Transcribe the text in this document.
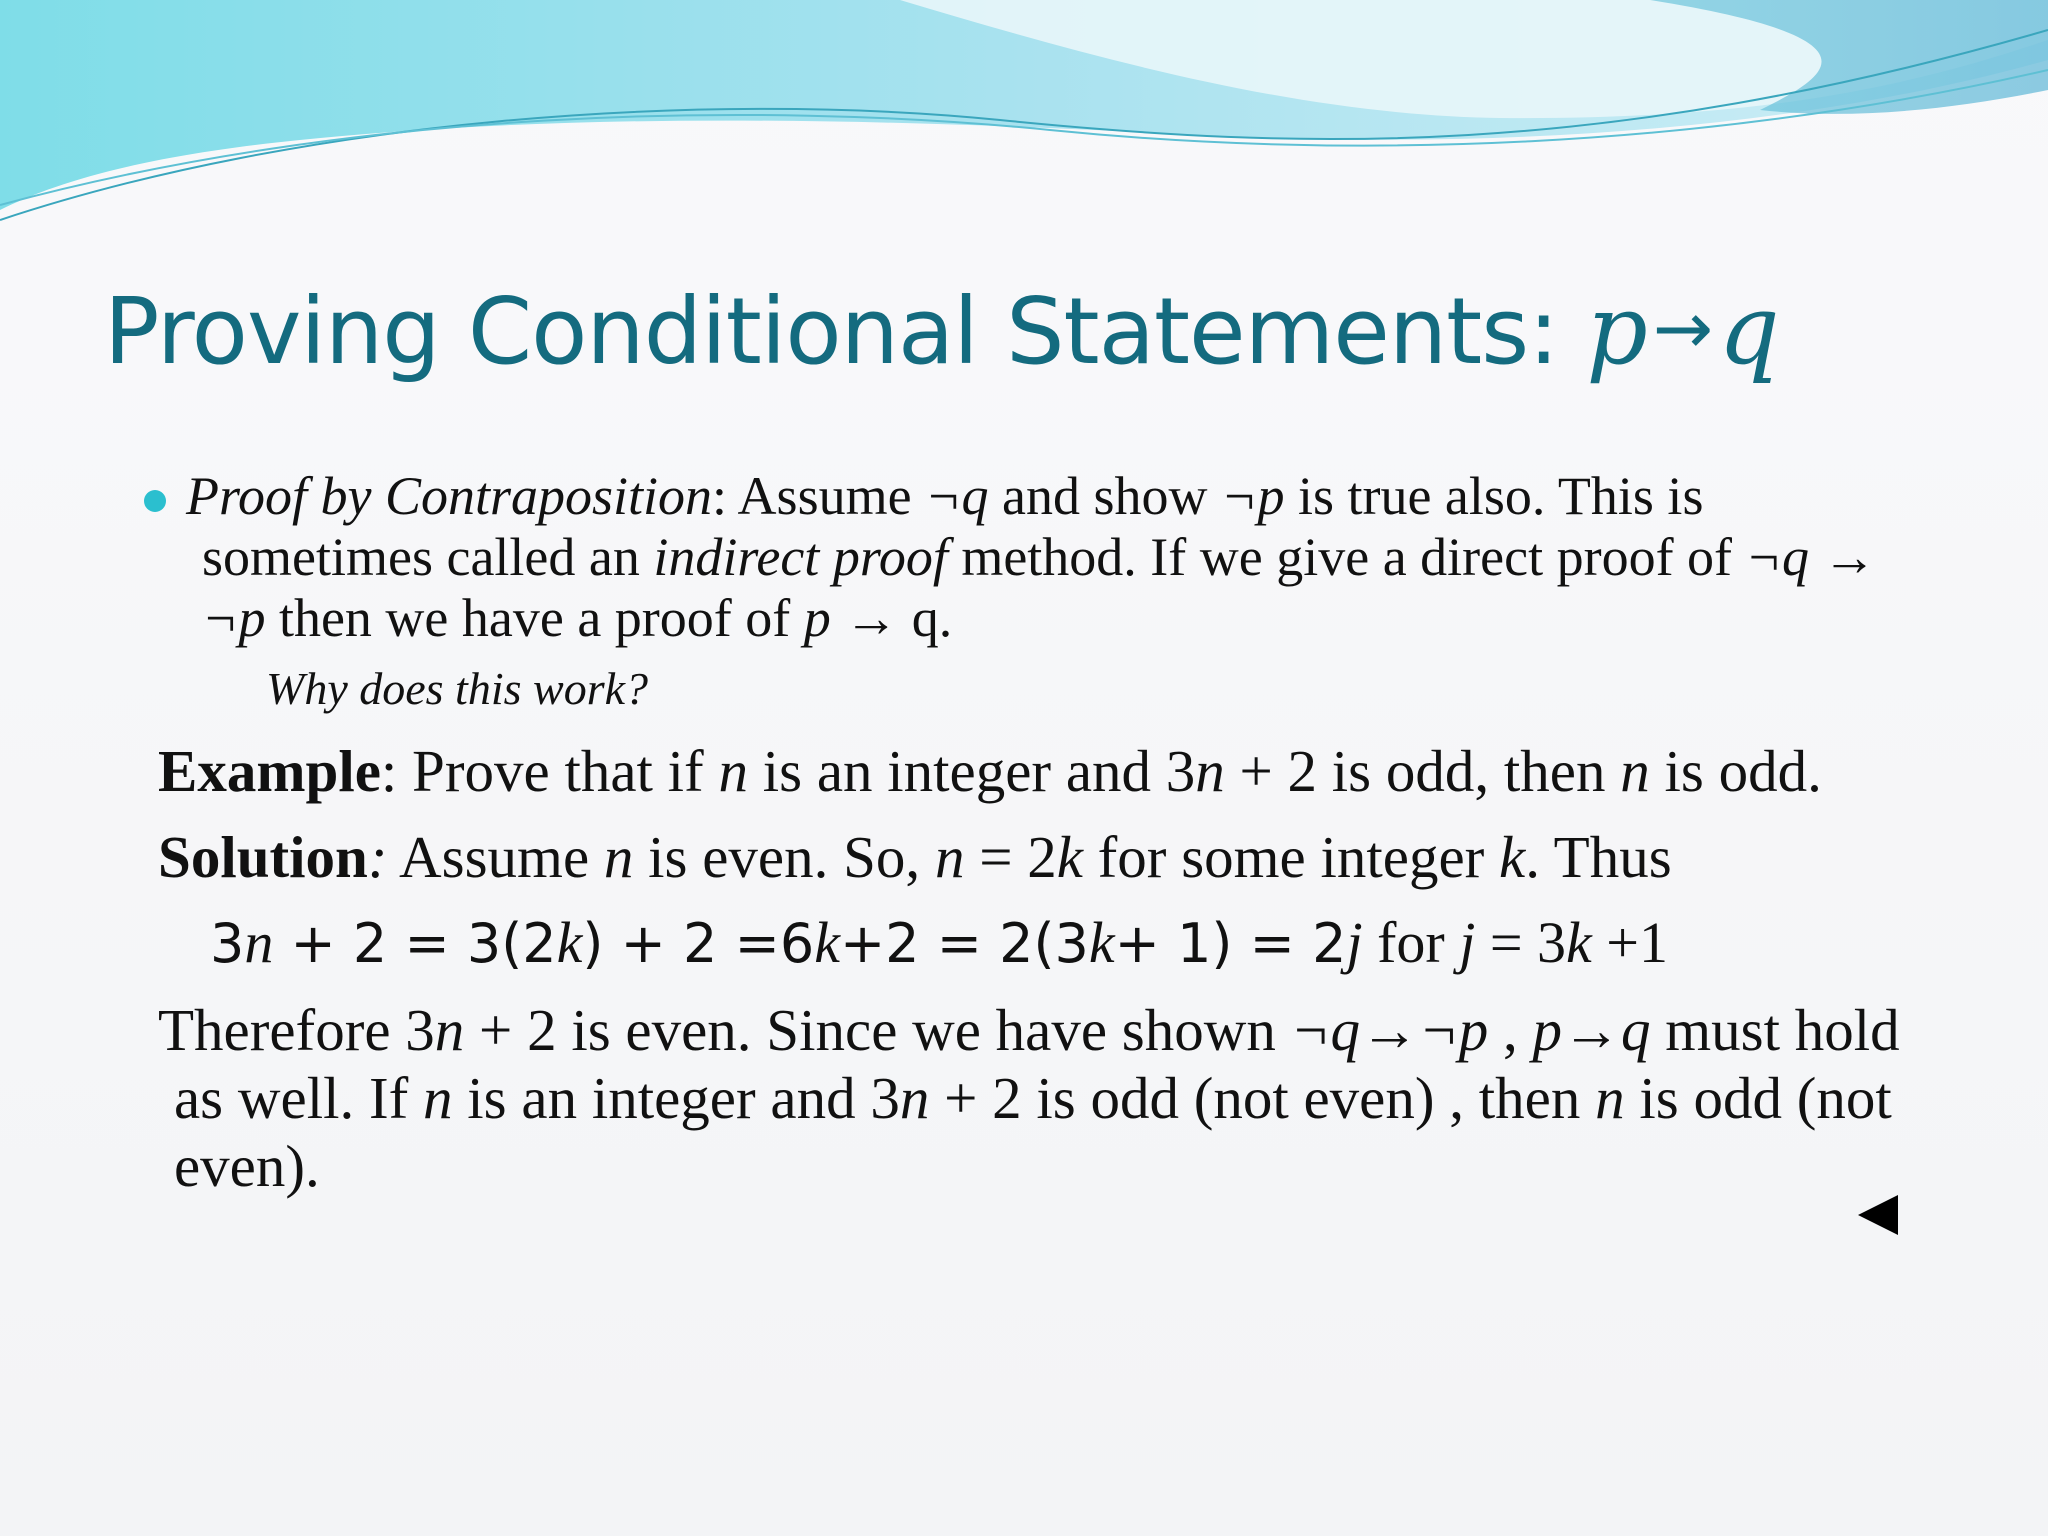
Proving Conditional Statements: p→q

Proof by Contraposition: Assume ¬q and show ¬p is true also. This is sometimes called an indirect proof method. If we give a direct proof of ¬q → ¬p then we have a proof of p → q.

Why does this work?

Example: Prove that if n is an integer and 3n + 2 is odd, then n is odd.

Solution: Assume n is even. So, n = 2k for some integer k. Thus

3n + 2 = 3(2k) + 2 =6k+2 = 2(3k+ 1) = 2j for j = 3k +1

Therefore 3n + 2 is even. Since we have shown ¬q→¬p , p→q must hold as well. If n is an integer and 3n + 2 is odd (not even) , then n is odd (not even).
